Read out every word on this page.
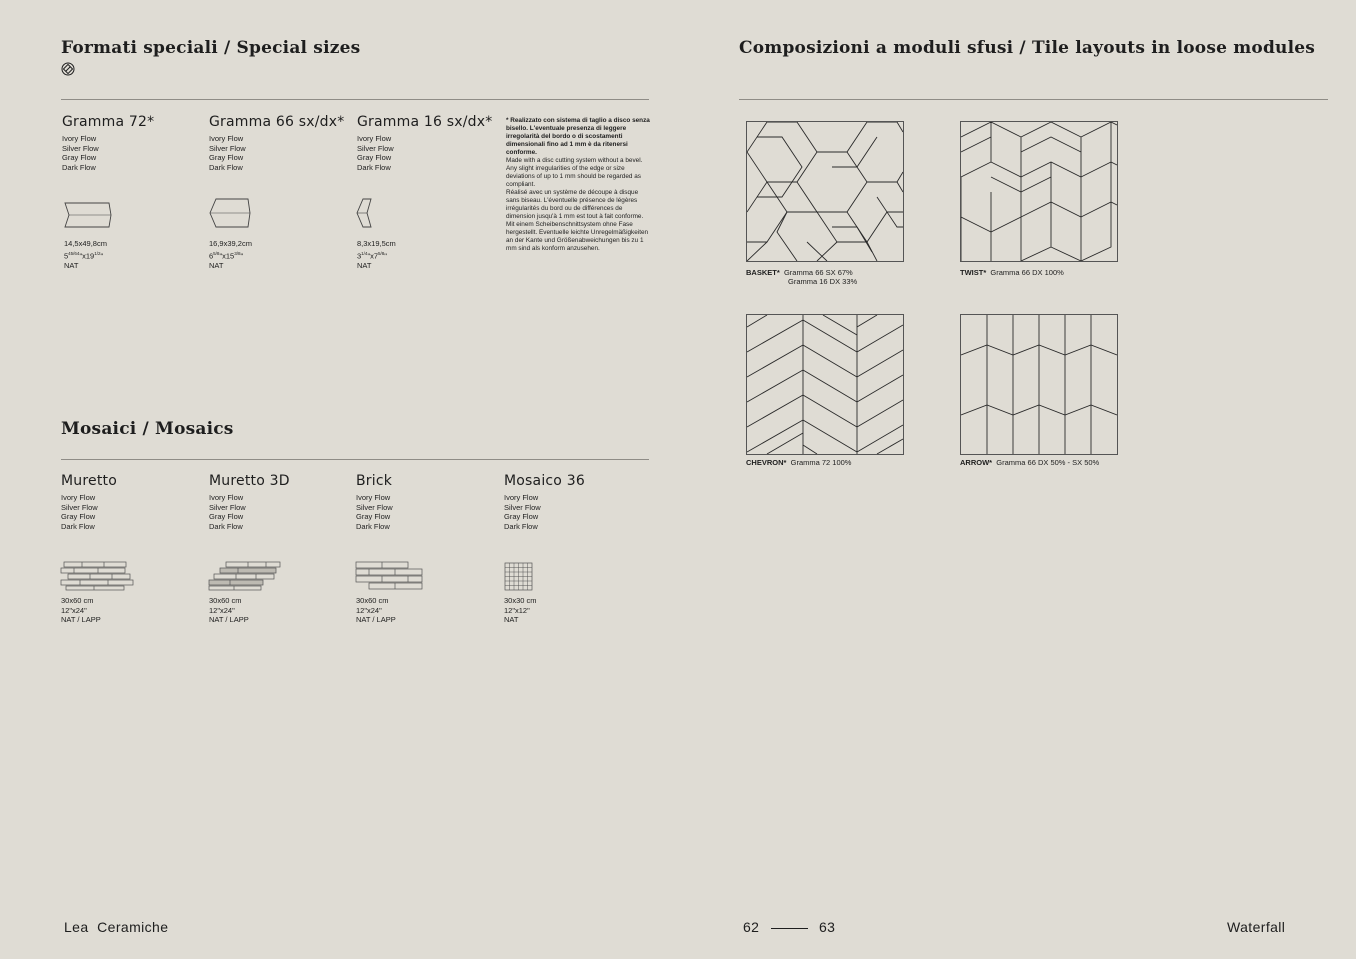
Formati speciali / Special sizes
Gramma 72*
Ivory Flow
Silver Flow
Gray Flow
Dark Flow
14,5x49,8cm
$5^{45/64}"x19^{1/2}$"
NAT
Gramma 66 sx/dx*
Ivory Flow
Silver Flow
Gray Flow
Dark Flow
16,9x39,2cm
$6^{5/8}"x15^{3/8}$"
NAT
Gramma 16 sx/dx*
Ivory Flow
Silver Flow
Gray Flow
Dark Flow
8,3x19,5cm
$3^{1/4}"x7^{5/8}$"
NAT
* Realizzato con sistema di taglio a disco senza bisello. L'eventuale presenza di leggere irregolarità del bordo o di scostamenti dimensionali fino ad 1 mm è da ritenersi conforme.
Made with a disc cutting system without a bevel. Any slight irregularities of the edge or size deviations of up to 1 mm should be regarded as compliant.
Réalisé avec un système de découpe à disque sans biseau. L'éventuelle présence de légères irrégularités du bord ou de différences de dimension jusqu'à 1 mm est tout à fait conforme.
Mit einem Scheibenschnittsystem ohne Fase hergestellt. Eventuelle leichte Unregelmäßigkeiten an der Kante und Größenabweichungen bis zu 1 mm sind als konform anzusehen.
Mosaici / Mosaics
Muretto
Ivory Flow
Silver Flow
Gray Flow
Dark Flow
30x60 cm
12"x24"
NAT / LAPP
Muretto 3D
Ivory Flow
Silver Flow
Gray Flow
Dark Flow
30x60 cm
12"x24"
NAT / LAPP
Brick
Ivory Flow
Silver Flow
Gray Flow
Dark Flow
30x60 cm
12"x24"
NAT / LAPP
Mosaico 36
Ivory Flow
Silver Flow
Gray Flow
Dark Flow
30x30 cm
12"x12"
NAT
Composizioni a moduli sfusi / Tile layouts in loose modules
BASKET* Gramma 66 SX 67%
Gramma 16 DX 33%
TWIST* Gramma 66 DX 100%
CHEVRON* Gramma 72 100%	ARROW* Gramma 66 DX 50% - SX 50%
Lea  Ceramiche	62	63	Waterfall
